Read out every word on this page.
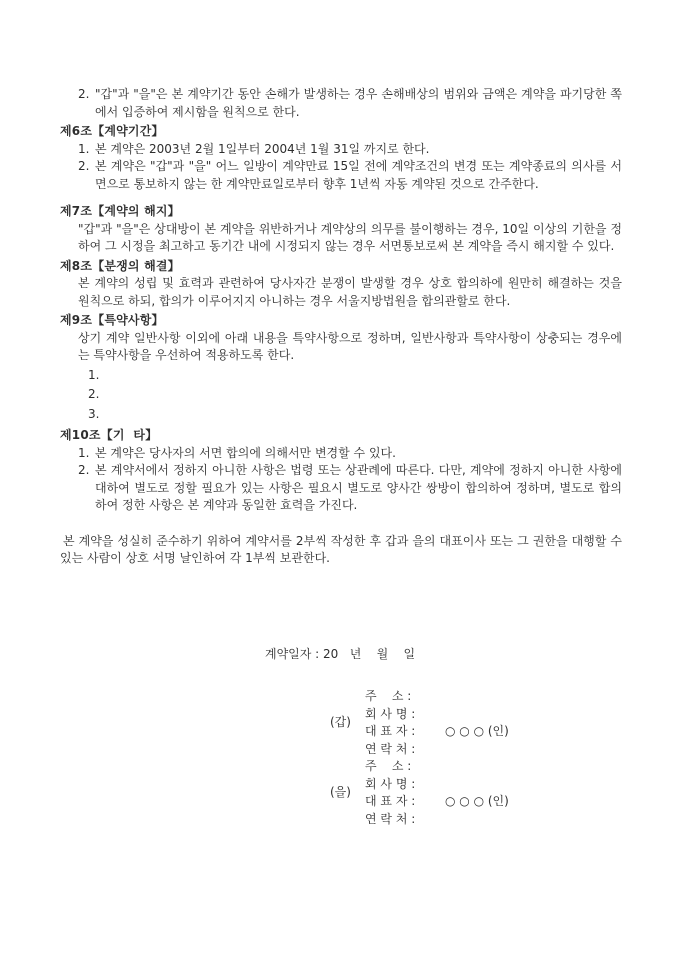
2. "갑"과 "을"은 본 계약기간 동안 손해가 발생하는 경우 손해배상의 범위와 금액은 계약을 파기당한 쪽에서 입증하여 제시함을 원칙으로 한다.
제6조【계약기간】
1. 본 계약은 2003년 2월 1일부터 2004년 1월 31일 까지로 한다.
2. 본 계약은 "갑"과 "을" 어느 일방이 계약만료 15일 전에 계약조건의 변경 또는 계약종료의 의사를 서면으로 통보하지 않는 한 계약만료일로부터 향후 1년씩 자동 계약된 것으로 간주한다.
제7조【계약의 해지】
"갑"과 "을"은 상대방이 본 계약을 위반하거나 계약상의 의무를 불이행하는 경우, 10일 이상의 기한을 정하여 그 시정을 최고하고 동기간 내에 시정되지 않는 경우 서면통보로써 본 계약을 즉시 해지할 수 있다.
제8조【분쟁의 해결】
본 계약의 성립 및 효력과 관련하여 당사자간 분쟁이 발생할 경우 상호 합의하에 원만히 해결하는 것을 원칙으로 하되, 합의가 이루어지지 아니하는 경우 서울지방법원을 합의관할로 한다.
제9조【특약사항】
상기 계약 일반사항 이외에 아래 내용을 특약사항으로 정하며, 일반사항과 특약사항이 상충되는 경우에는 특약사항을 우선하여 적용하도록 한다.
1.
2.
3.
제10조【기  타】
1. 본 계약은 당사자의 서면 합의에 의해서만 변경할 수 있다.
2. 본 계약서에서 정하지 아니한 사항은 법령 또는 상관례에 따른다. 다만, 계약에 정하지 아니한 사항에 대하여 별도로 정할 필요가 있는 사항은 필요시 별도로 양사간 쌍방이 합의하여 정하며, 별도로 합의하여 정한 사항은 본 계약과 동일한 효력을 가진다.
본 계약을 성실히 준수하기 위하여 계약서를 2부씩 작성한 후 갑과 을의 대표이사 또는 그 권한을 대행할 수 있는 사람이 상호 서명 날인하여 각 1부씩 보관한다.
계약일자 : 20   년    월    일
(갑)
주    소 :
회 사 명 :
대 표 자 :	○ ○ ○ (인)
연 락 처 :
(을)
주    소 :
회 사 명 :
대 표 자 :	○ ○ ○ (인)
연 락 처 :
